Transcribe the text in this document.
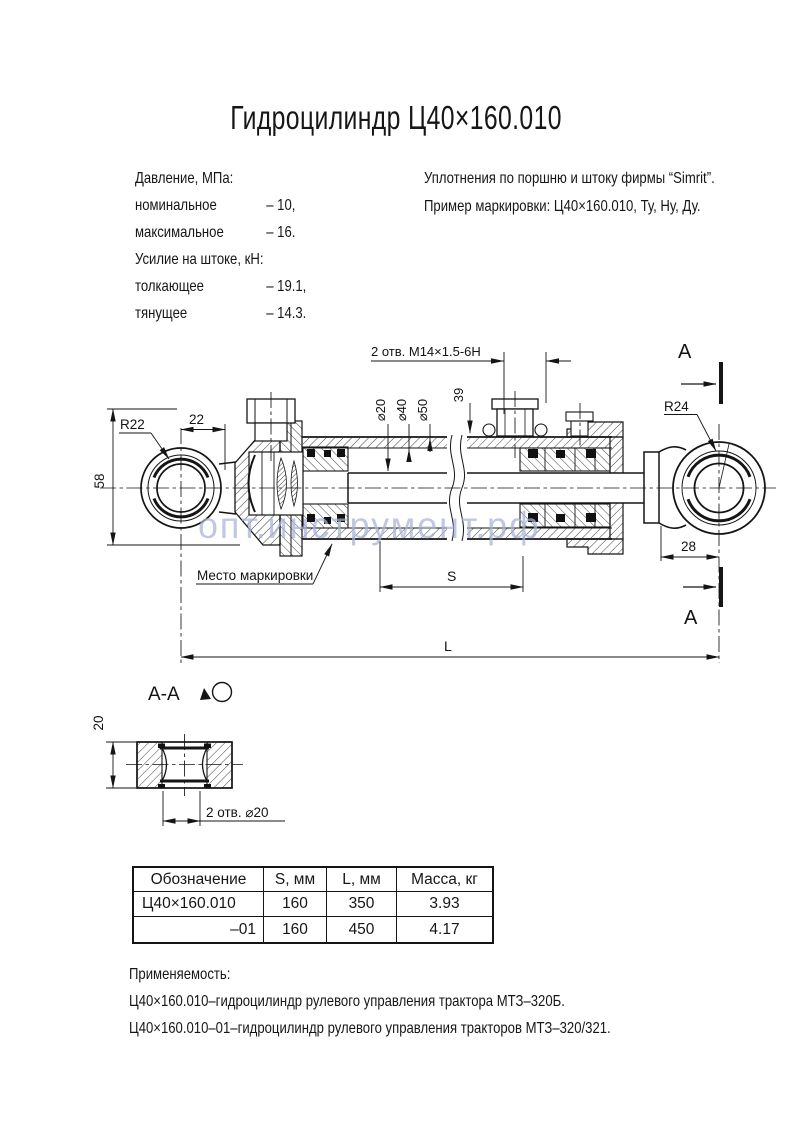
2 отв. М14×1.5-6Н
R22	22
58
⌀20 ⌀40 ⌀50
39
R24
28
S
L
А
А
Место маркировки
А-А
20
2 отв. ⌀20
опт.инструмент.рф
Гидроцилиндр Ц40×160.010
Давление, МПа:
номинальное	– 10,
максимальное	– 16.
Усилие на штоке, кН:
толкающее	– 19.1,
тянущее	– 14.3.
Уплотнения по поршню и штоку фирмы “Simrit”.
Пример маркировки: Ц40×160.010, Ту, Ну, Ду.
Обозначение	S, мм	L, мм	Масса, кг
Ц40×160.010	160	350	3.93
–01	160	450	4.17
Применяемость:
Ц40×160.010–гидроцилиндр рулевого управления трактора МТЗ–320Б.
Ц40×160.010–01–гидроцилиндр рулевого управления тракторов МТЗ–320/321.
